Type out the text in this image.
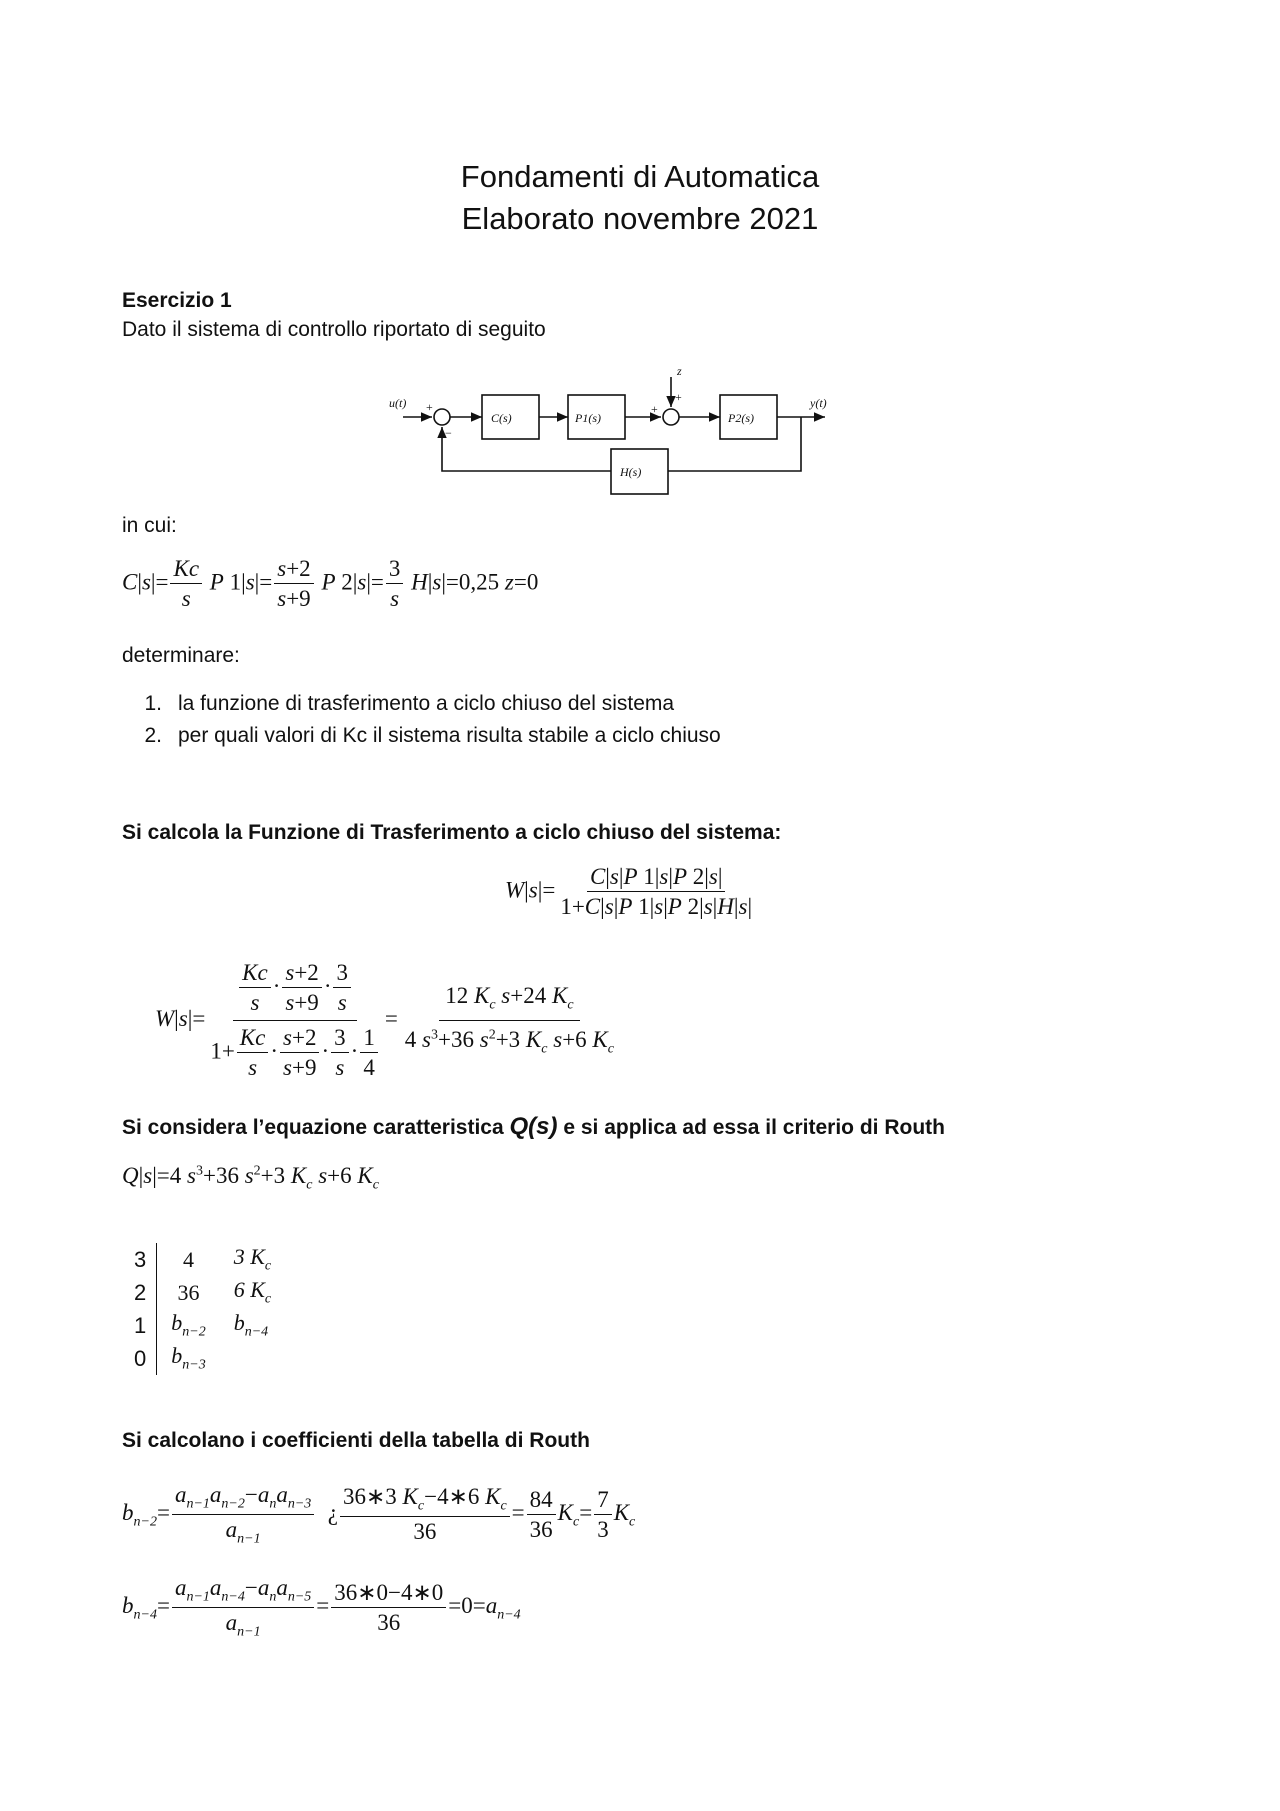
Fondamenti di Automatica
Elaborato novembre 2021
Esercizio 1
Dato il sistema di controllo riportato di seguito
u(t) +
−
z
+
+	y(t)
C(s)	P1(s)	P2(s)
H(s)
in cui:
$C|s|= \frac{Kc}{s}$ P $1|s|= \frac{s+2}{s+9}$ P $2|s|= \frac{3}{s} H|s|=0,25$ z=0
determinare:
1. la funzione di trasferimento a ciclo chiuso del sistema
2. per quali valori di Kc il sistema risulta stabile a ciclo chiuso
Si calcola la Funzione di Trasferimento a ciclo chiuso del sistema:
$W|s|= \frac{C|s|P 1|s|P 2|s|}{1+C|s|P 1|s|P 2|s|H|s|}$
$W|s|= \frac{\frac{Kc}{s} \cdot \frac{s+2}{s+9} \cdot \frac{3}{s}}{1+ \frac{Kc}{s} \cdot \frac{s+2}{s+9} \cdot \frac{3}{s} \cdot \frac{1}{4}} = \frac{12 K_c s+24 K_c}{4 s^3+36 s^2+3 K_c s+6 K_c}$
Si considera l’equazione caratteristica Q(s) e si applica ad essa il criterio di Routh
Q|s|=4 $s^3+36$ $s^2+3$ $K_c$ s+6 $K_c$
3	4	3 $K_c$
2	36	6 $K_c$
1	$b_{n-2}$	$b_{n-4}$
0	$b_{n-3}$	
Si calcolano i coefficienti della tabella di Routh
$b_{n-2}= \frac{a_{n-1}a_{n-2}-a_na_{n-3}}{a_{n-1}}$ ¿ $\frac{36∗3 K_c-4∗6 K_c}{36} = \frac{84}{36} K_c= \frac{7}{3} K_c$
$b_{n-4}= \frac{a_{n-1}a_{n-4}-a_na_{n-5}}{a_{n-1}} = \frac{36∗0-4∗0}{36} =0=a_{n-4}$
